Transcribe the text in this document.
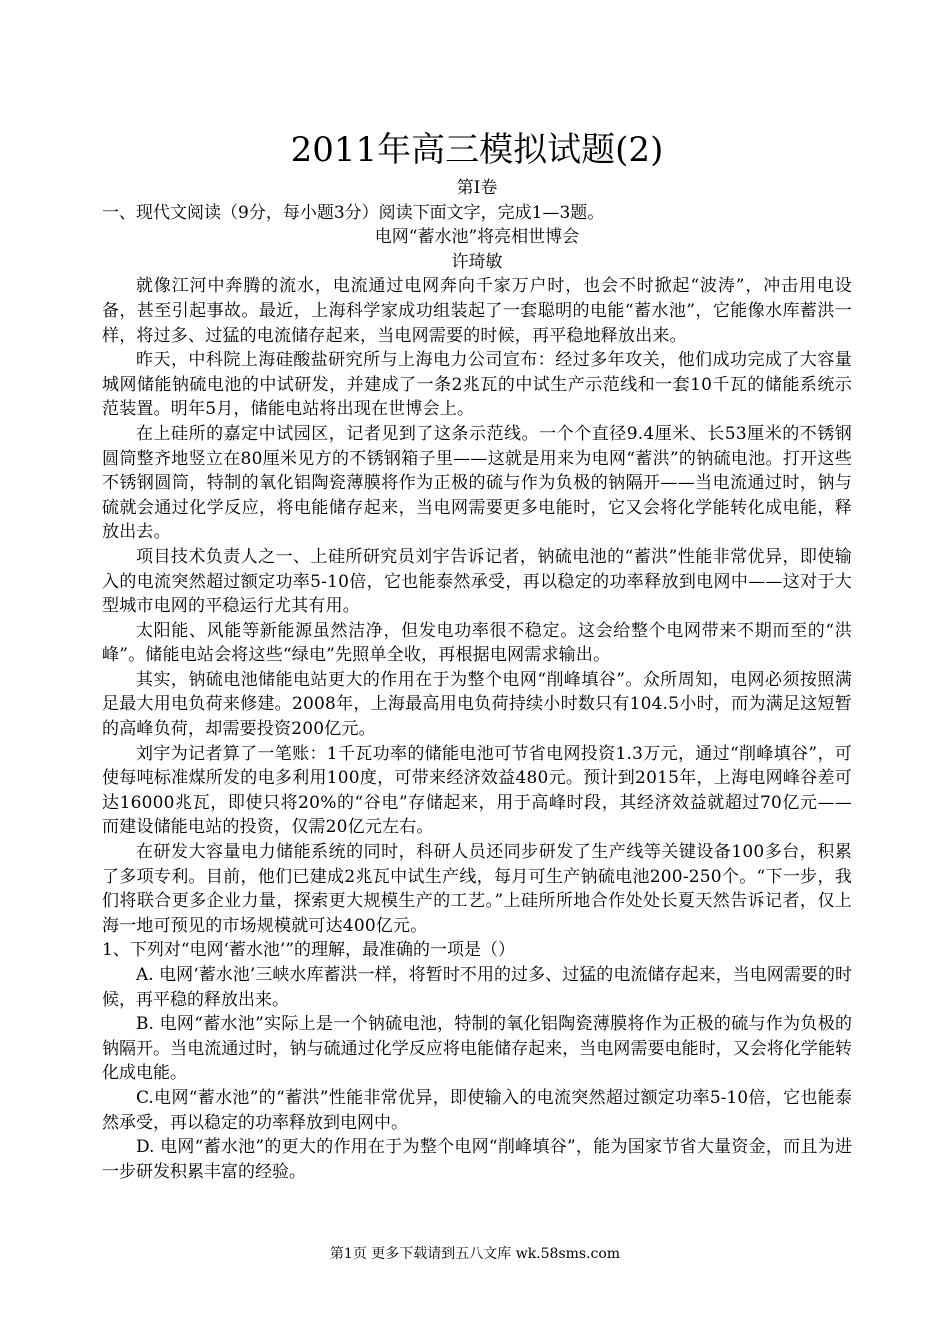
2011年高三模拟试题(2)

第Ⅰ卷

一、现代文阅读（9分，每小题3分）阅读下面文字，完成1—3题。

电网“蓄水池”将亮相世博会

许琦敏

就像江河中奔腾的流水，电流通过电网奔向千家万户时，也会不时掀起“波涛”，冲击用电设备，甚至引起事故。最近，上海科学家成功组装起了一套聪明的电能“蓄水池”，它能像水库蓄洪一样，将过多、过猛的电流储存起来，当电网需要的时候，再平稳地释放出来。

昨天，中科院上海硅酸盐研究所与上海电力公司宣布：经过多年攻关，他们成功完成了大容量城网储能钠硫电池的中试研发，并建成了一条2兆瓦的中试生产示范线和一套10千瓦的储能系统示范装置。明年5月，储能电站将出现在世博会上。

在上硅所的嘉定中试园区，记者见到了这条示范线。一个个直径9.4厘米、长53厘米的不锈钢圆筒整齐地竖立在80厘米见方的不锈钢箱子里——这就是用来为电网“蓄洪”的钠硫电池。打开这些不锈钢圆筒，特制的氧化铝陶瓷薄膜将作为正极的硫与作为负极的钠隔开——当电流通过时，钠与硫就会通过化学反应，将电能储存起来，当电网需要更多电能时，它又会将化学能转化成电能，释放出去。

项目技术负责人之一、上硅所研究员刘宇告诉记者，钠硫电池的“蓄洪”性能非常优异，即使输入的电流突然超过额定功率5-10倍，它也能泰然承受，再以稳定的功率释放到电网中——这对于大型城市电网的平稳运行尤其有用。

太阳能、风能等新能源虽然洁净，但发电功率很不稳定。这会给整个电网带来不期而至的“洪峰”。储能电站会将这些“绿电”先照单全收，再根据电网需求输出。

其实，钠硫电池储能电站更大的作用在于为整个电网“削峰填谷”。众所周知，电网必须按照满足最大用电负荷来修建。2008年，上海最高用电负荷持续小时数只有104.5小时，而为满足这短暂的高峰负荷，却需要投资200亿元。

刘宇为记者算了一笔账：1千瓦功率的储能电池可节省电网投资1.3万元，通过“削峰填谷”，可使每吨标准煤所发的电多利用100度，可带来经济效益480元。预计到2015年，上海电网峰谷差可达16000兆瓦，即使只将20%的“谷电”存储起来，用于高峰时段，其经济效益就超过70亿元——而建设储能电站的投资，仅需20亿元左右。

在研发大容量电力储能系统的同时，科研人员还同步研发了生产线等关键设备100多台，积累了多项专利。目前，他们已建成2兆瓦中试生产线，每月可生产钠硫电池200-250个。“下一步，我们将联合更多企业力量，探索更大规模生产的工艺。”上硅所所地合作处处长夏天然告诉记者，仅上海一地可预见的市场规模就可达400亿元。

1、下列对“电网‘蓄水池’”的理解，最准确的一项是（）

A. 电网‘蓄水池’三峡水库蓄洪一样，将暂时不用的过多、过猛的电流储存起来，当电网需要的时候，再平稳的释放出来。

B. 电网“蓄水池”实际上是一个钠硫电池，特制的氧化铝陶瓷薄膜将作为正极的硫与作为负极的钠隔开。当电流通过时，钠与硫通过化学反应将电能储存起来，当电网需要电能时，又会将化学能转化成电能。

C.电网“蓄水池”的“蓄洪”性能非常优异，即使输入的电流突然超过额定功率5-10倍，它也能泰然承受，再以稳定的功率释放到电网中。

D. 电网“蓄水池”的更大的作用在于为整个电网“削峰填谷”，能为国家节省大量资金，而且为进一步研发积累丰富的经验。

第1页 更多下载请到五八文库 wk.58sms.com
